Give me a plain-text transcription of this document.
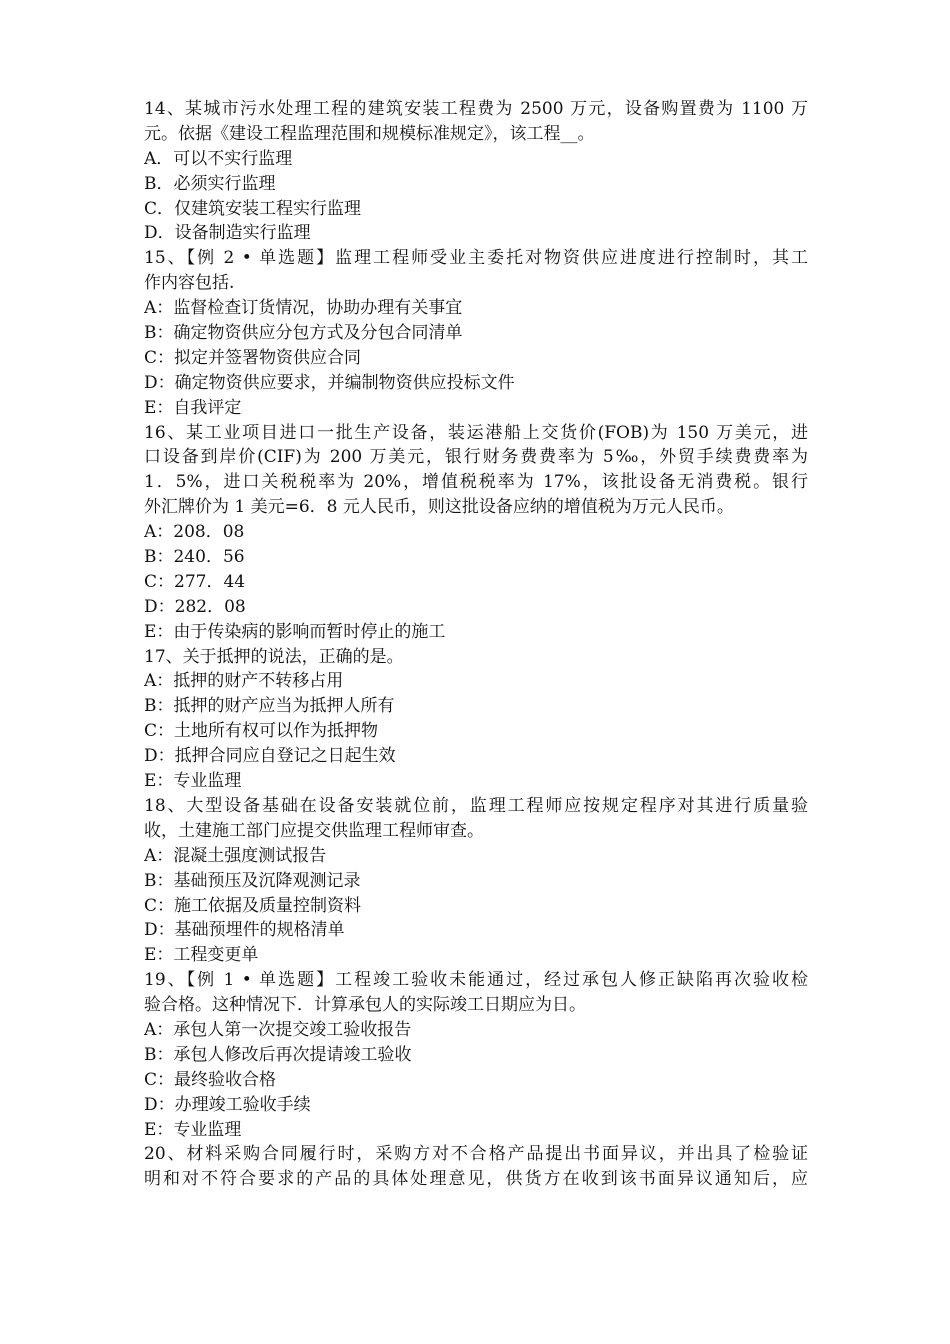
14、某城市污水处理工程的建筑安装工程费为 2500 万元，设备购置费为 1100 万
元。依据《建设工程监理范围和规模标准规定》，该工程__。
A．可以不实行监理
B．必须实行监理
C．仅建筑安装工程实行监理
D．设备制造实行监理
15、【例 2 • 单选题】监理工程师受业主委托对物资供应进度进行控制时，其工
作内容包括.
A：监督检查订货情况，协助办理有关事宜
B：确定物资供应分包方式及分包合同清单
C：拟定并签署物资供应合同
D：确定物资供应要求，并编制物资供应投标文件
E：自我评定
16、某工业项目进口一批生产设备，装运港船上交货价(FOB)为 150 万美元，进
口设备到岸价(CIF)为 200 万美元，银行财务费费率为 5‰，外贸手续费费率为
1．5%，进口关税税率为 20%，增值税税率为 17%，该批设备无消费税。银行
外汇牌价为 1 美元=6．8 元人民币，则这批设备应纳的增值税为万元人民币。
A：208．08
B：240．56
C：277．44
D：282．08
E：由于传染病的影响而暂时停止的施工
17、关于抵押的说法，正确的是。
A：抵押的财产不转移占用
B：抵押的财产应当为抵押人所有
C：土地所有权可以作为抵押物
D：抵押合同应自登记之日起生效
E：专业监理
18、大型设备基础在设备安装就位前，监理工程师应按规定程序对其进行质量验
收，土建施工部门应提交供监理工程师审查。
A：混凝土强度测试报告
B：基础预压及沉降观测记录
C：施工依据及质量控制资料
D：基础预埋件的规格清单
E：工程变更单
19、【例 1 • 单选题】工程竣工验收未能通过，经过承包人修正缺陷再次验收检
验合格。这种情况下．计算承包人的实际竣工日期应为日。
A：承包人第一次提交竣工验收报告
B：承包人修改后再次提请竣工验收
C：最终验收合格
D：办理竣工验收手续
E：专业监理
20、材料采购合同履行时，采购方对不合格产品提出书面异议，并出具了检验证
明和对不符合要求的产品的具体处理意见，供货方在收到该书面异议通知后，应
